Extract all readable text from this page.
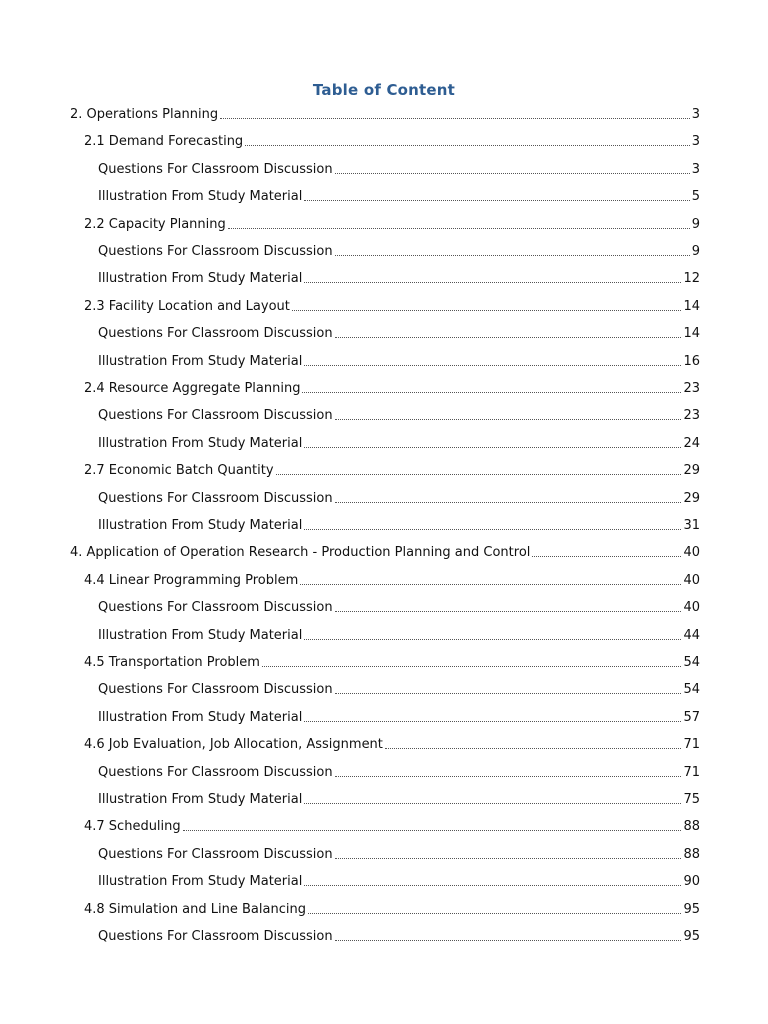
Table of Content
2. Operations Planning	3
2.1 Demand Forecasting	3
Questions For Classroom Discussion	3
Illustration From Study Material	5
2.2 Capacity Planning	9
Questions For Classroom Discussion	9
Illustration From Study Material	12
2.3 Facility Location and Layout	14
Questions For Classroom Discussion	14
Illustration From Study Material	16
2.4 Resource Aggregate Planning	23
Questions For Classroom Discussion	23
Illustration From Study Material	24
2.7 Economic Batch Quantity	29
Questions For Classroom Discussion	29
Illustration From Study Material	31
4. Application of Operation Research - Production Planning and Control	40
4.4 Linear Programming Problem	40
Questions For Classroom Discussion	40
Illustration From Study Material	44
4.5 Transportation Problem	54
Questions For Classroom Discussion	54
Illustration From Study Material	57
4.6 Job Evaluation, Job Allocation, Assignment	71
Questions For Classroom Discussion	71
Illustration From Study Material	75
4.7 Scheduling	88
Questions For Classroom Discussion	88
Illustration From Study Material	90
4.8 Simulation and Line Balancing	95
Questions For Classroom Discussion	95
